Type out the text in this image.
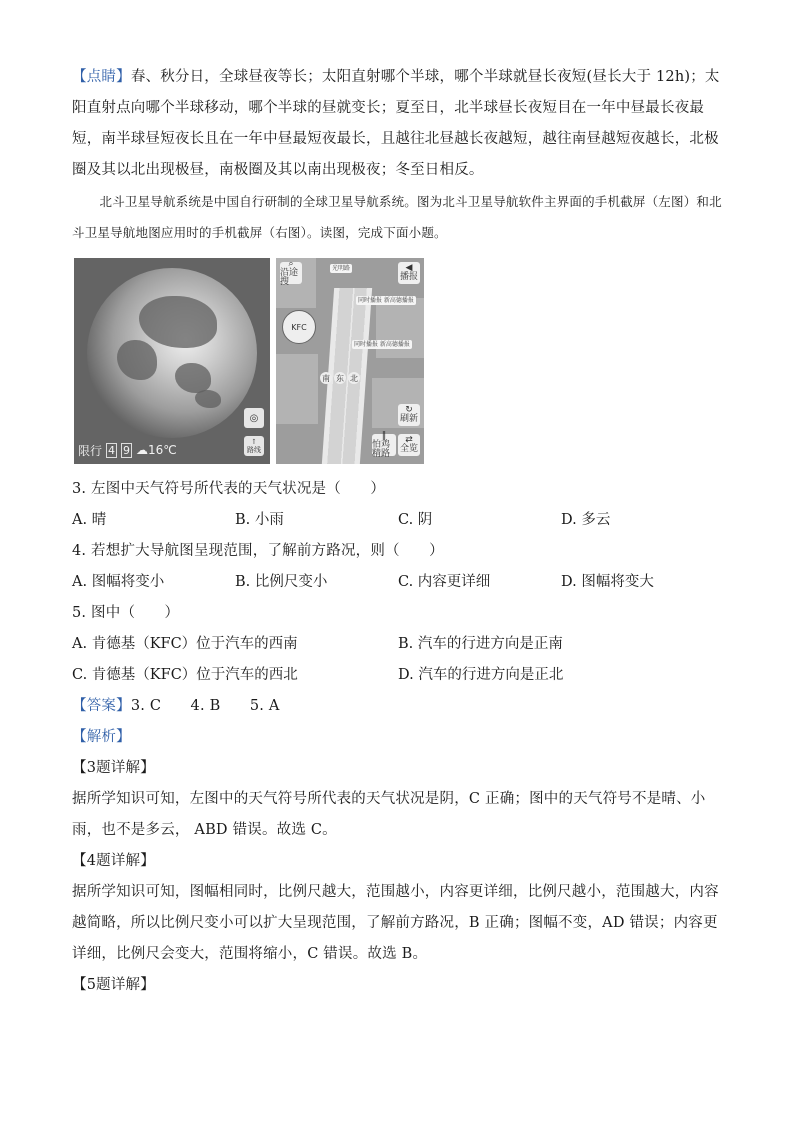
【点睛】春、秋分日，全球昼夜等长；太阳直射哪个半球，哪个半球就昼长夜短(昼长大于 12h)；太阳直射点向哪个半球移动，哪个半球的昼就变长；夏至日，北半球昼长夜短目在一年中昼最长夜最短，南半球昼短夜长且在一年中昼最短夜最长，且越往北昼越长夜越短，越往南昼越短夜越长，北极圈及其以北出现极昼，南极圈及其以南出现极夜；冬至日相反。

北斗卫星导航系统是中国自行研制的全球卫星导航系统。图为北斗卫星导航软件主界面的手机截屏（左图）和北斗卫星导航地图应用时的手机截屏（右图）。读图，完成下面小题。

◎
↑
路线
限行 4 9 ☁16℃
光明路
⌕
沿途搜
◀
播报
KFC
同时播报 新高德播报
同时播报 新高德播报
南 东 北
↻
刷新
‖
怕鸡精路
⇄
全览

3. 左图中天气符号所代表的天气状况是（　　）

A. 晴	B. 小雨	C. 阴	D. 多云

4. 若想扩大导航图呈现范围，了解前方路况，则（　　）

A. 图幅将变小	B. 比例尺变小	C. 内容更详细	D. 图幅将变大

5. 图中（　　）

A. 肯德基（KFC）位于汽车的西南	B. 汽车的行进方向是正南
C. 肯德基（KFC）位于汽车的西北	D. 汽车的行进方向是正北

【答案】3. C　　4. B　　5. A

【解析】

【3题详解】

据所学知识可知，左图中的天气符号所代表的天气状况是阴，C 正确；图中的天气符号不是晴、小雨，也不是多云， ABD 错误。故选 C。

【4题详解】

据所学知识可知，图幅相同时，比例尺越大，范围越小，内容更详细，比例尺越小，范围越大，内容越简略，所以比例尺变小可以扩大呈现范围，了解前方路况，B 正确；图幅不变，AD 错误；内容更详细，比例尺会变大，范围将缩小，C 错误。故选 B。

【5题详解】
